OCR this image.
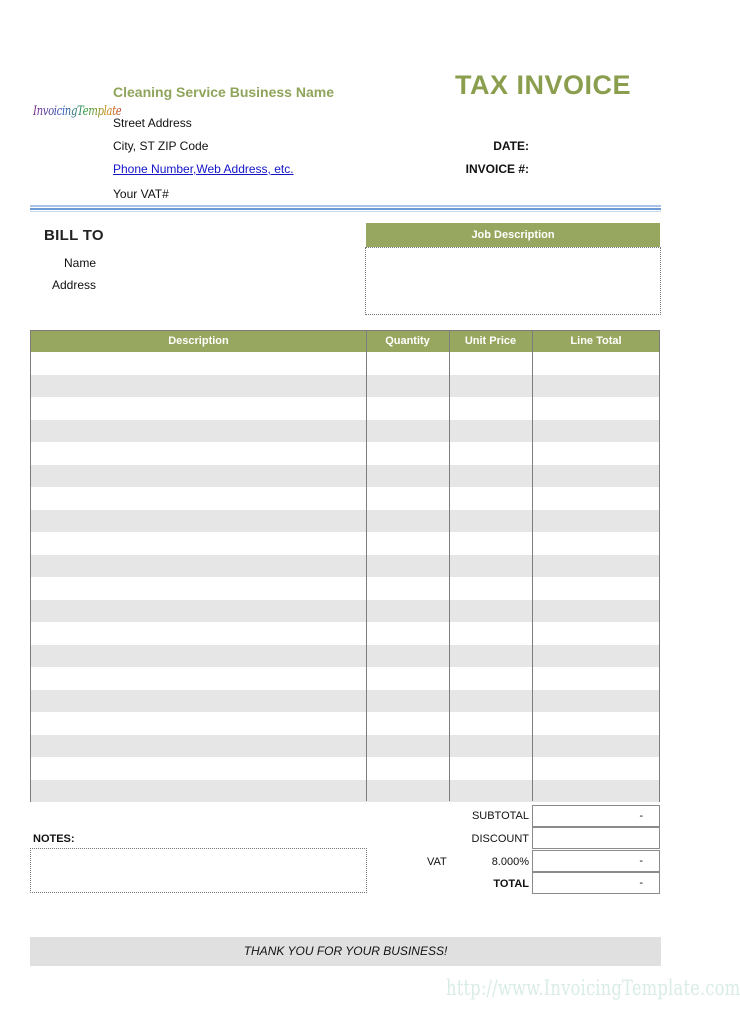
InvoicingTemplate
Cleaning Service Business Name	TAX INVOICE
Street Address
City, ST ZIP Code
Phone Number,Web Address, etc.
Your VAT#
DATE:
INVOICE #:
BILL TO
Name
Address
Job Description
Description	Quantity	Unit Price	Line Total
SUBTOTAL	-
DISCOUNT
VAT	8.000%	-
TOTAL	-
NOTES:
THANK YOU FOR YOUR BUSINESS!
http://www.InvoicingTemplate.com
